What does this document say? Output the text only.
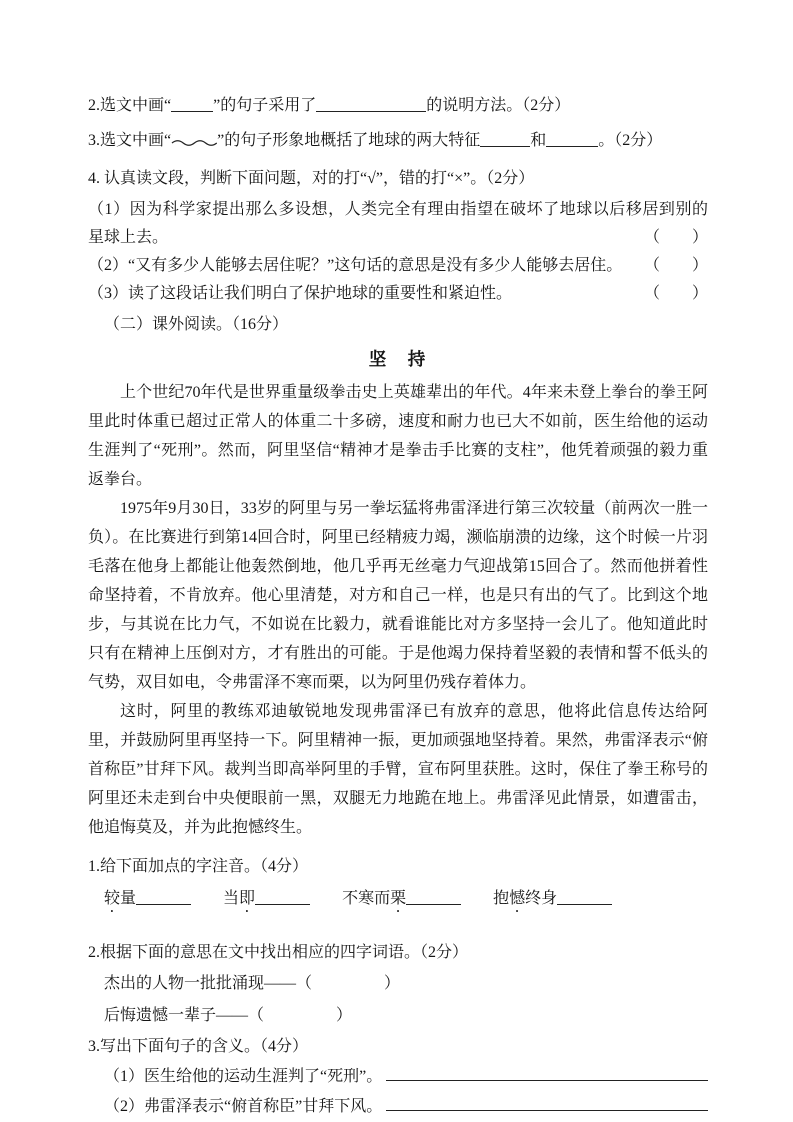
2.选文中画“	”的句子采用了	的说明方法。（2分）
3.选文中画“	”的句子形象地概括了地球的两大特征	和	。（2分）
4. 认真读文段，判断下面问题，对的打“√”，错的打“×”。（2分）
（1）因为科学家提出那么多设想，人类完全有理由指望在破坏了地球以后移居到别的
星球上去。	（　　）
（2）“又有多少人能够去居住呢？”这句话的意思是没有多少人能够去居住。 （　　）
（3）读了这段话让我们明白了保护地球的重要性和紧迫性。	（　　）
（二）课外阅读。（16分）
坚　持

上个世纪70年代是世界重量级拳击史上英雄辈出的年代。4年来未登上拳台的拳王阿里此时体重已超过正常人的体重二十多磅，速度和耐力也已大不如前，医生给他的运动生涯判了“死刑”。然而，阿里坚信“精神才是拳击手比赛的支柱”，他凭着顽强的毅力重返拳台。

1975年9月30日，33岁的阿里与另一拳坛猛将弗雷泽进行第三次较量（前两次一胜一负）。在比赛进行到第14回合时，阿里已经精疲力竭，濒临崩溃的边缘，这个时候一片羽毛落在他身上都能让他轰然倒地，他几乎再无丝毫力气迎战第15回合了。然而他拼着性命坚持着，不肯放弃。他心里清楚，对方和自己一样，也是只有出的气了。比到这个地步，与其说在比力气，不如说在比毅力，就看谁能比对方多坚持一会儿了。他知道此时只有在精神上压倒对方，才有胜出的可能。于是他竭力保持着坚毅的表情和誓不低头的气势，双目如电，令弗雷泽不寒而栗，以为阿里仍残存着体力。

这时，阿里的教练邓迪敏锐地发现弗雷泽已有放弃的意思，他将此信息传达给阿里，并鼓励阿里再坚持一下。阿里精神一振，更加顽强地坚持着。果然，弗雷泽表示“俯首称臣”甘拜下风。裁判当即高举阿里的手臂，宣布阿里获胜。这时，保住了拳王称号的阿里还未走到台中央便眼前一黑，双腿无力地跪在地上。弗雷泽见此情景，如遭雷击，他追悔莫及，并为此抱憾终生。

1.给下面加点的字注音。（4分）
较量	当即	不寒而栗	抱憾终身
2.根据下面的意思在文中找出相应的四字词语。（2分）
杰出的人物一批批涌现——（	）
后悔遗憾一辈子——（	）
3.写出下面句子的含义。（4分）
（1）医生给他的运动生涯判了“死刑”。
（2）弗雷泽表示“俯首称臣”甘拜下风。
